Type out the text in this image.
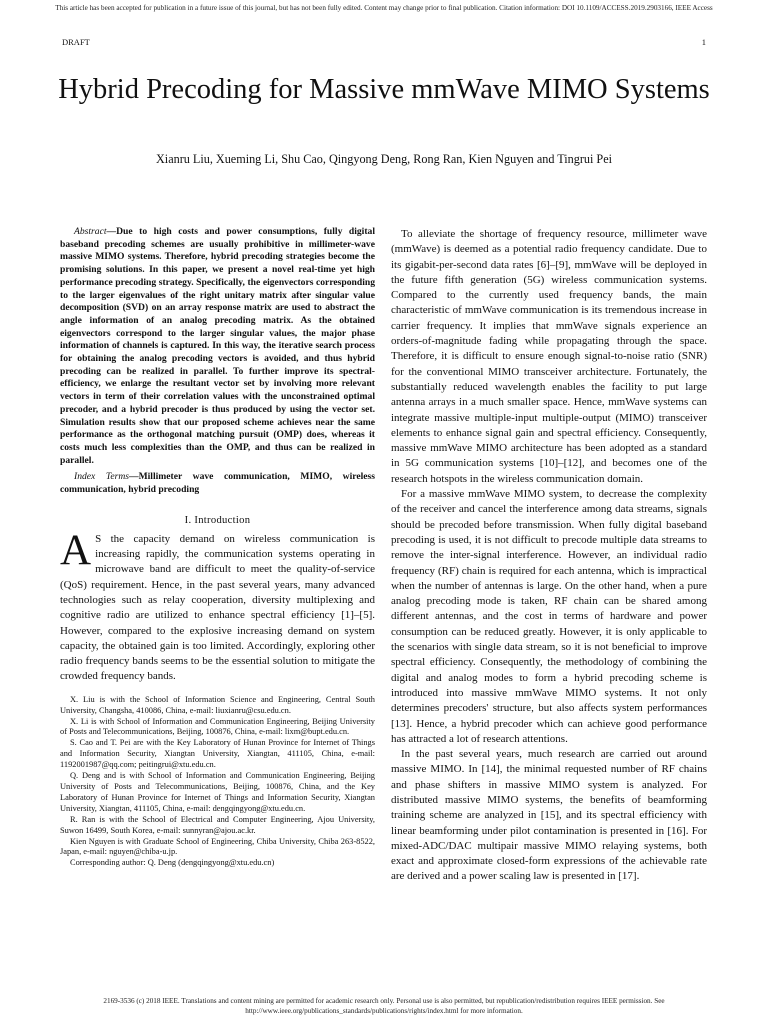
This article has been accepted for publication in a future issue of this journal, but has not been fully edited. Content may change prior to final publication. Citation information: DOI 10.1109/ACCESS.2019.2903166, IEEE Access
DRAFT	1
Hybrid Precoding for Massive mmWave MIMO Systems
Xianru Liu, Xueming Li, Shu Cao, Qingyong Deng, Rong Ran, Kien Nguyen and Tingrui Pei

Abstract—Due to high costs and power consumptions, fully digital baseband precoding schemes are usually prohibitive in millimeter-wave massive MIMO systems. Therefore, hybrid precoding strategies become the promising solutions. In this paper, we present a novel real-time yet high performance precoding strategy. Specifically, the eigenvectors corresponding to the larger eigenvalues of the right unitary matrix after singular value decomposition (SVD) on an array response matrix are used to abstract the angle information of an analog precoding matrix. As the obtained eigenvectors correspond to the larger singular values, the major phase information of channels is captured. In this way, the iterative search process for obtaining the analog precoding vectors is avoided, and thus hybrid precoding can be realized in parallel. To further improve its spectral-efficiency, we enlarge the resultant vector set by involving more relevant vectors in term of their correlation values with the unconstrained optimal precoder, and a hybrid precoder is thus produced by using the vector set. Simulation results show that our proposed scheme achieves near the same performance as the orthogonal matching pursuit (OMP) does, whereas it costs much less complexities than the OMP, and thus can be realized in parallel.

Index Terms—Millimeter wave communication, MIMO, wireless communication, hybrid precoding

I. Introduction

A S the capacity demand on wireless communication is increasing rapidly, the communication systems operating in microwave band are difficult to meet the quality-of-service (QoS) requirement. Hence, in the past several years, many advanced technologies such as relay cooperation, diversity multiplexing and cognitive radio are utilized to enhance spectral efficiency [1]–[5]. However, compared to the explosive increasing demand on system capacity, the obtained gain is too limited. Accordingly, exploring other radio frequency bands seems to be the essential solution to mitigate the crowded frequency bands.

X. Liu is with the School of Information Science and Engineering, Central South University, Changsha, 410086, China, e-mail: liuxianru@csu.edu.cn.

X. Li is with School of Information and Communication Engineering, Beijing University of Posts and Telecommunications, Beijing, 100876, China, e-mail: lixm@bupt.edu.cn.

S. Cao and T. Pei are with the Key Laboratory of Hunan Province for Internet of Things and Information Security, Xiangtan University, Xiangtan, 411105, China, e-mail: 1192001987@qq.com; peitingrui@xtu.edu.cn.

Q. Deng and is with School of Information and Communication Engineering, Beijing University of Posts and Telecommunications, Beijing, 100876, China, and the Key Laboratory of Hunan Province for Internet of Things and Information Security, Xiangtan University, Xiangtan, 411105, China, e-mail: dengqingyong@xtu.edu.cn.

R. Ran is with the School of Electrical and Computer Engineering, Ajou University, Suwon 16499, South Korea, e-mail: sunnyran@ajou.ac.kr.

Kien Nguyen is with Graduate School of Engineering, Chiba University, Chiba 263-8522, Japan, e-mail: nguyen@chiba-u.jp.

Corresponding author: Q. Deng (dengqingyong@xtu.edu.cn)

To alleviate the shortage of frequency resource, millimeter wave (mmWave) is deemed as a potential radio frequency candidate. Due to its gigabit-per-second data rates [6]–[9], mmWave will be deployed in the future fifth generation (5G) wireless communication systems. Compared to the currently used frequency bands, the main characteristic of mmWave communication is its tremendous increase in carrier frequency. It implies that mmWave signals experience an orders-of-magnitude fading while propagating through the space. Therefore, it is difficult to ensure enough signal-to-noise ratio (SNR) for the conventional MIMO transceiver architecture. Fortunately, the substantially reduced wavelength enables the facility to put large antenna arrays in a much smaller space. Hence, mmWave systems can integrate massive multiple-input multiple-output (MIMO) transceiver elements to enhance signal gain and spectral efficiency. Consequently, massive mmWave MIMO architecture has been adopted as a standard in 5G communication systems [10]–[12], and becomes one of the research hotspots in the wireless communication domain.

For a massive mmWave MIMO system, to decrease the complexity of the receiver and cancel the interference among data streams, signals should be precoded before transmission. When fully digital baseband precoding is used, it is not difficult to precode multiple data streams to remove the inter-signal interference. However, an individual radio frequency (RF) chain is required for each antenna, which is impractical when the number of antennas is large. On the other hand, when a pure analog precoding mode is taken, RF chain can be shared among different antennas, and the cost in terms of hardware and power consumption can be reduced greatly. However, it is only applicable to the scenarios with single data stream, so it is not beneficial to improve spectral efficiency. Consequently, the methodology of combining the digital and analog modes to form a hybrid precoding scheme is introduced into massive mmWave MIMO systems. It not only determines precoders' structure, but also affects system performances [13]. Hence, a hybrid precoder which can achieve good performance has attracted a lot of research attentions.

In the past several years, much research are carried out around massive MIMO. In [14], the minimal requested number of RF chains and phase shifters in massive MIMO system is analyzed. For distributed massive MIMO systems, the benefits of beamforming training scheme are analyzed in [15], and its spectral efficiency with linear beamforming under pilot contamination is presented in [16]. For mixed-ADC/DAC multipair massive MIMO relaying systems, both exact and approximate closed-form expressions of the achievable rate are derived and a power scaling law is presented in [17].

2169-3536 (c) 2018 IEEE. Translations and content mining are permitted for academic research only. Personal use is also permitted, but republication/redistribution requires IEEE permission. See
http://www.ieee.org/publications_standards/publications/rights/index.html for more information.
